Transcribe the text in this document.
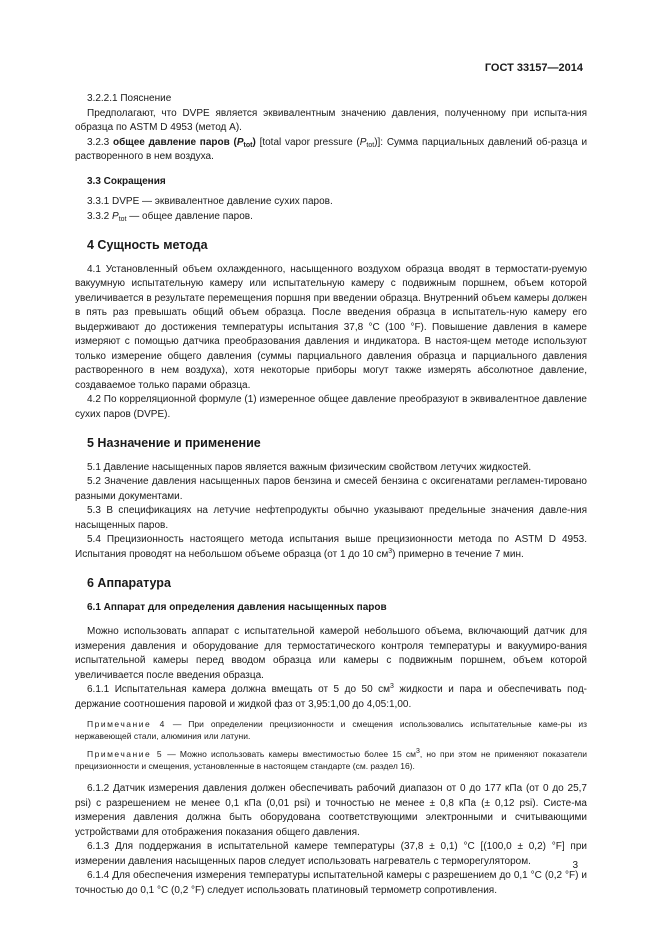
ГОСТ 33157—2014

3.2.2.1 Пояснение

Предполагают, что DVPE является эквивалентным значению давления, полученному при испыта-ния образца по ASTM D 4953 (метод А).

3.2.3 общее давление паров $(P_{tot})$ [total vapor pressure $(P_{tot})$]: Сумма парциальных давлений об-разца и растворенного в нем воздуха.

3.3 Сокращения

3.3.1 DVPE — эквивалентное давление сухих паров.

3.3.2 $P_{tot}$ — общее давление паров.

4 Сущность метода

4.1 Установленный объем охлажденного, насыщенного воздухом образца вводят в термостати-руемую вакуумную испытательную камеру или испытательную камеру с подвижным поршнем, объем которой увеличивается в результате перемещения поршня при введении образца. Внутренний объем камеры должен в пять раз превышать общий объем образца. После введения образца в испытатель-ную камеру его выдерживают до достижения температуры испытания 37,8 °С (100 °F). Повышение давления в камере измеряют с помощью датчика преобразования давления и индикатора. В настоя-щем методе используют только измерение общего давления (суммы парциального давления образца и парциального давления растворенного в нем воздуха), хотя некоторые приборы могут также измерять абсолютное давление, создаваемое только парами образца.

4.2 По корреляционной формуле (1) измеренное общее давление преобразуют в эквивалентное давление сухих паров (DVPE).

5 Назначение и применение

5.1 Давление насыщенных паров является важным физическим свойством летучих жидкостей.

5.2 Значение давления насыщенных паров бензина и смесей бензина с оксигенатами регламен-тировано разными документами.

5.3 В спецификациях на летучие нефтепродукты обычно указывают предельные значения давле-ния насыщенных паров.

5.4 Прецизионность настоящего метода испытания выше прецизионности метода по ASTM D 4953. Испытания проводят на небольшом объеме образца (от 1 до 10 $см^3$) примерно в течение 7 мин.

6 Аппаратура

6.1 Аппарат для определения давления насыщенных паров

Можно использовать аппарат с испытательной камерой небольшого объема, включающий датчик для измерения давления и оборудование для термостатического контроля температуры и вакуумиро-вания испытательной камеры перед вводом образца или камеры с подвижным поршнем, объем которой увеличивается после введения образца.

6.1.1 Испытательная камера должна вмещать от 5 до 50 $см^3$ жидкости и пара и обеспечивать под-держание соотношения паровой и жидкой фаз от 3,95:1,00 до 4,05:1,00.

Примечание 4 — При определении прецизионности и смещения использовались испытательные каме-ры из нержавеющей стали, алюминия или латуни.

Примечание 5 — Можно использовать камеры вместимостью более 15 $см^3$, но при этом не применяют показатели прецизионности и смещения, установленные в настоящем стандарте (см. раздел 16).

6.1.2 Датчик измерения давления должен обеспечивать рабочий диапазон от 0 до 177 кПа (от 0 до 25,7 psi) с разрешением не менее 0,1 кПа (0,01 psi) и точностью не менее ± 0,8 кПа (± 0,12 psi). Систе-ма измерения давления должна быть оборудована соответствующими электронными и считывающими устройствами для отображения показания общего давления.

6.1.3 Для поддержания в испытательной камере температуры (37,8 ± 0,1) °С [(100,0 ± 0,2) °F] при измерении давления насыщенных паров следует использовать нагреватель с терморегулятором.

6.1.4 Для обеспечения измерения температуры испытательной камеры с разрешением до 0,1 °С (0,2 °F) и точностью до 0,1 °С (0,2 °F) следует использовать платиновый термометр сопротивления.

3
